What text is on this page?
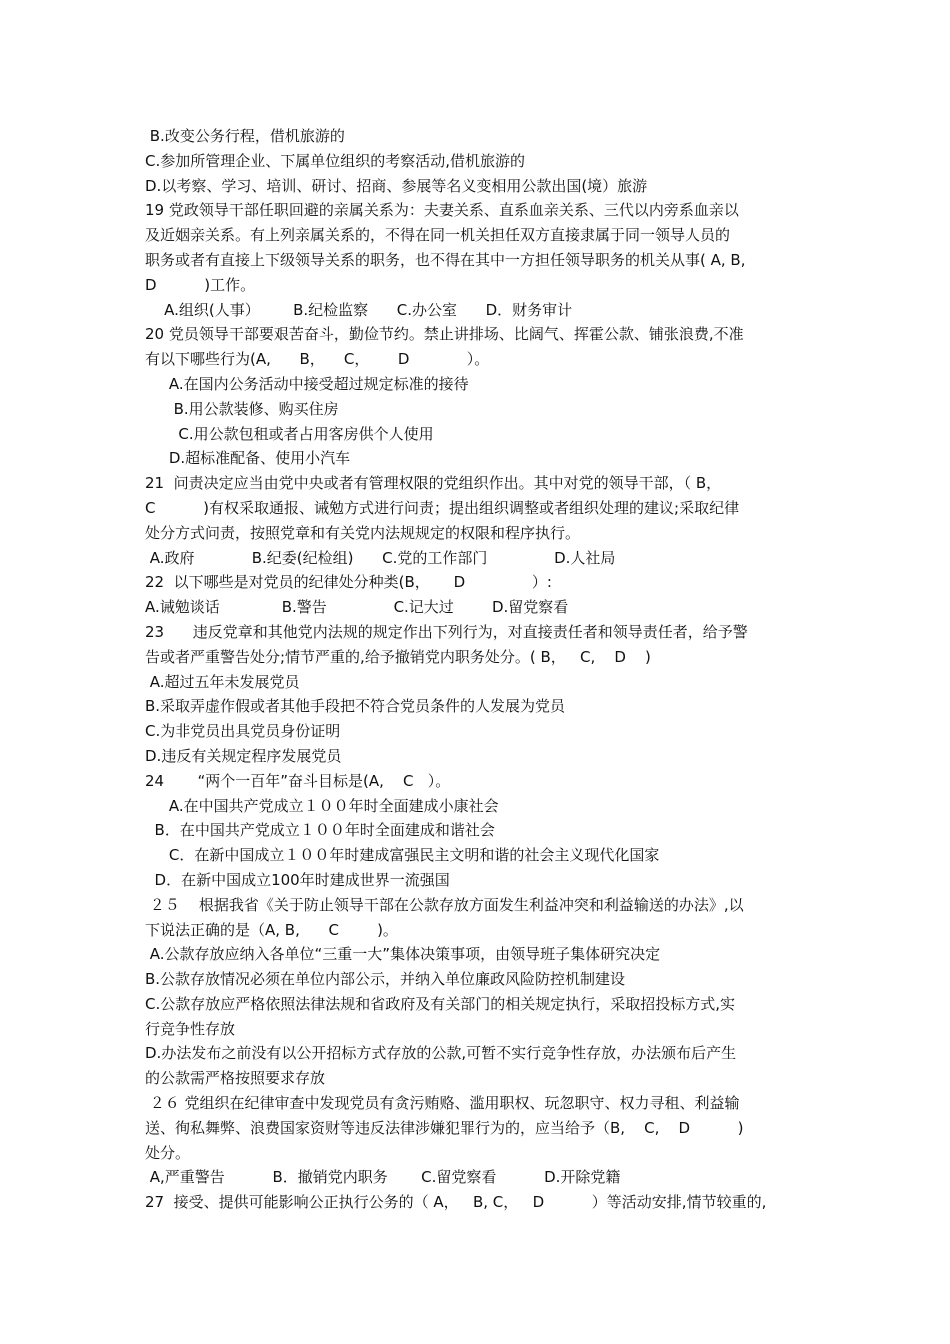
B.改变公务行程，借机旅游的
C.参加所管理企业、下属单位组织的考察活动,借机旅游的
D.以考察、学习、培训、研讨、招商、参展等名义变相用公款出国(境）旅游
19 党政领导干部任职回避的亲属关系为：夫妻关系、直系血亲关系、三代以内旁系血亲以
及近姻亲关系。有上列亲属关系的，不得在同一机关担任双方直接隶属于同一领导人员的
职务或者有直接上下级领导关系的职务，也不得在其中一方担任领导职务的机关从事( A, B,
D          )工作。
A.组织(人事）       B.纪检监察      C.办公室      D．财务审计
20 党员领导干部要艰苦奋斗，勤俭节约。禁止讲排场、比阔气、挥霍公款、铺张浪费,不准
有以下哪些行为(A,      B，    C，      D            ）。
A.在国内公务活动中接受超过规定标准的接待
B.用公款装修、购买住房
C.用公款包租或者占用客房供个人使用
D.超标准配备、使用小汽车
21  问责决定应当由党中央或者有管理权限的党组织作出。其中对党的领导干部，（ B，
C          )有权采取通报、诫勉方式进行问责；提出组织调整或者组织处理的建议;采取纪律
处分方式问责，按照党章和有关党内法规规定的权限和程序执行。
A.政府            B.纪委(纪检组)      C.党的工作部门              D.人社局
22  以下哪些是对党员的纪律处分种类(B，     D              ）:
A.诫勉谈话             B.警告              C.记大过        D.留党察看
23      违反党章和其他党内法规的规定作出下列行为，对直接责任者和领导责任者，给予警
告或者严重警告处分;情节严重的,给予撤销党内职务处分。( B，   C,    D    )
A.超过五年未发展党员
B.采取弄虚作假或者其他手段把不符合党员条件的人发展为党员
C.为非党员出具党员身份证明
D.违反有关规定程序发展党员
24       “两个一百年”奋斗目标是(A,    C   ）。
A.在中国共产党成立１００年时全面建成小康社会
B．在中国共产党成立１００年时全面建成和谐社会
C．在新中国成立１００年时建成富强民主文明和谐的社会主义现代化国家
D．在新中国成立100年时建成世界一流强国
２５    根据我省《关于防止领导干部在公款存放方面发生利益冲突和利益输送的办法》,以
下说法正确的是（A, B,      C        )。
A.公款存放应纳入各单位“三重一大”集体决策事项，由领导班子集体研究决定
B.公款存放情况必须在单位内部公示，并纳入单位廉政风险防控机制建设
C.公款存放应严格依照法律法规和省政府及有关部门的相关规定执行，采取招投标方式,实
行竞争性存放
D.办法发布之前没有以公开招标方式存放的公款,可暂不实行竞争性存放，办法颁布后产生
的公款需严格按照要求存放
２６ 党组织在纪律审查中发现党员有贪污贿赂、滥用职权、玩忽职守、权力寻租、利益输
送、徇私舞弊、浪费国家资财等违反法律涉嫌犯罪行为的，应当给予（B,    C,    D          )
处分。
A,严重警告          B．撤销党内职务       C.留党察看          D.开除党籍
27  接受、提供可能影响公正执行公务的（ A，   B, C，   D          ）等活动安排,情节较重的,
